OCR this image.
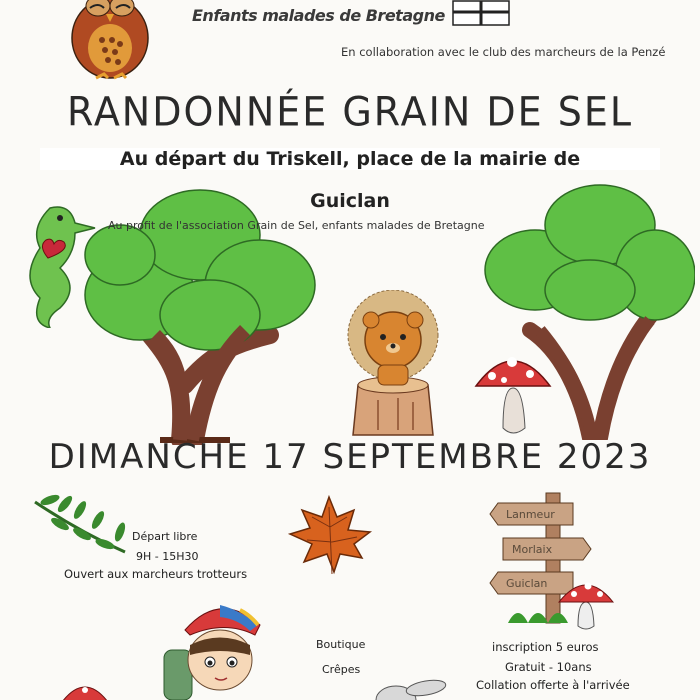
Enfants malades de Bretagne
En collaboration avec le club des marcheurs de la Penzé
RANDONNÉE GRAIN DE SEL
Au départ du Triskell, place de la mairie de
Guiclan
Au profit de l'association Grain de Sel, enfants malades de Bretagne
DIMANCHE 17 SEPTEMBRE 2023
Départ libre
9H - 15H30
Ouvert aux marcheurs trotteurs
Lanmeur
Morlaix
Guiclan
Boutique
Crêpes
inscription 5 euros
Gratuit - 10ans
Collation offerte à l'arrivée
